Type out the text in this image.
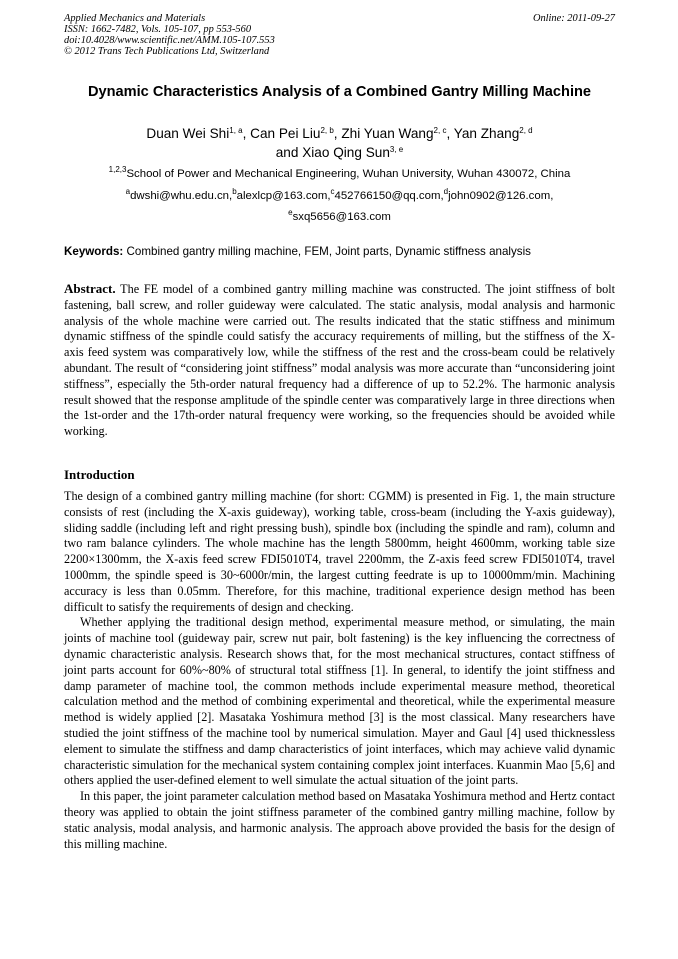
Applied Mechanics and Materials
ISSN: 1662-7482, Vols. 105-107, pp 553-560
doi:10.4028/www.scientific.net/AMM.105-107.553
© 2012 Trans Tech Publications Ltd, Switzerland
Online: 2011-09-27
Dynamic Characteristics Analysis of a Combined Gantry Milling Machine
Duan Wei Shi$^{1, a}$, Can Pei Liu$^{2, b}$, Zhi Yuan Wang$^{2, c}$, Yan Zhang$^{2, d}$
and Xiao Qing Sun$^{3, e}$
$^{1,2,3}$School of Power and Mechanical Engineering, Wuhan University, Wuhan 430072, China
$^a$dwshi@whu.edu.cn,$^b$alexlcp@163.com,$^c$452766150@qq.com,$^d$john0902@126.com,
$^e$sxq5656@163.com
Keywords: Combined gantry milling machine, FEM, Joint parts, Dynamic stiffness analysis
Abstract. The FE model of a combined gantry milling machine was constructed. The joint stiffness of bolt fastening, ball screw, and roller guideway were calculated. The static analysis, modal analysis and harmonic analysis of the whole machine were carried out. The results indicated that the static stiffness and minimum dynamic stiffness of the spindle could satisfy the accuracy requirements of milling, but the stiffness of the X-axis feed system was comparatively low, while the stiffness of the rest and the cross-beam could be relatively abundant. The result of “considering joint stiffness” modal analysis was more accurate than “unconsidering joint stiffness”, especially the 5th-order natural frequency had a difference of up to 52.2%. The harmonic analysis result showed that the response amplitude of the spindle center was comparatively large in three directions when the 1st-order and the 17th-order natural frequency were working, so the frequencies should be avoided while working.
Introduction

The design of a combined gantry milling machine (for short: CGMM) is presented in Fig. 1, the main structure consists of rest (including the X-axis guideway), working table, cross-beam (including the Y-axis guideway), sliding saddle (including left and right pressing bush), spindle box (including the spindle and ram), column and two ram balance cylinders. The whole machine has the length 5800mm, height 4600mm, working table size 2200×1300mm, the X-axis feed screw FDI5010T4, travel 2200mm, the Z-axis feed screw FDI5010T4, travel 1000mm, the spindle speed is 30~6000r/min, the largest cutting feedrate is up to 10000mm/min. Machining accuracy is less than 0.05mm. Therefore, for this machine, traditional experience design method has been difficult to satisfy the requirements of design and checking.

Whether applying the traditional design method, experimental measure method, or simulating, the main joints of machine tool (guideway pair, screw nut pair, bolt fastening) is the key influencing the correctness of dynamic characteristic analysis. Research shows that, for the most mechanical structures, contact stiffness of joint parts account for 60%~80% of structural total stiffness [1]. In general, to identify the joint stiffness and damp parameter of machine tool, the common methods include experimental measure method, theoretical calculation method and the method of combining experimental and theoretical, while the experimental measure method is widely applied [2]. Masataka Yoshimura method [3] is the most classical. Many researchers have studied the joint stiffness of the machine tool by numerical simulation. Mayer and Gaul [4] used thicknessless element to simulate the stiffness and damp characteristics of joint interfaces, which may achieve valid dynamic characteristic simulation for the mechanical system containing complex joint interfaces. Kuanmin Mao [5,6] and others applied the user-defined element to well simulate the actual situation of the joint parts.

In this paper, the joint parameter calculation method based on Masataka Yoshimura method and Hertz contact theory was applied to obtain the joint stiffness parameter of the combined gantry milling machine, follow by static analysis, modal analysis, and harmonic analysis. The approach above provided the basis for the design of this milling machine.
